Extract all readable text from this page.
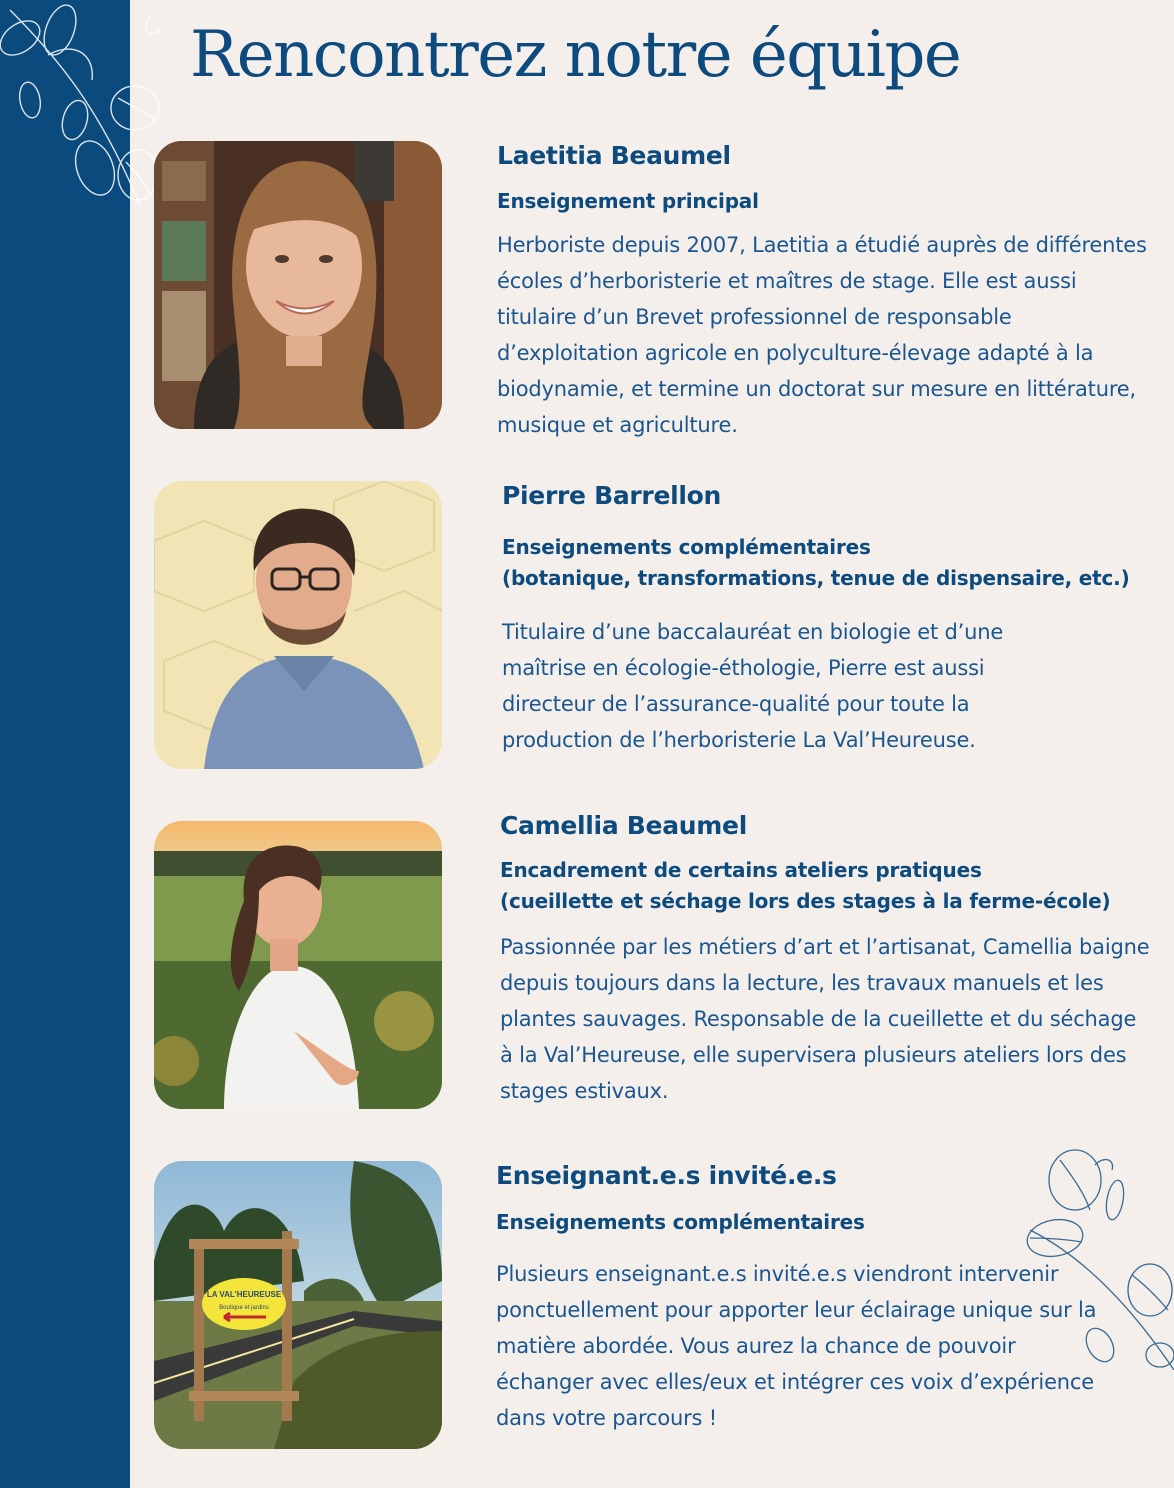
Rencontrez notre équipe

Laetitia Beaumel

Enseignement principal

Herboriste depuis 2007, Laetitia a étudié auprès de différentes écoles d’herboristerie et maîtres de stage. Elle est aussi titulaire d’un Brevet professionnel de responsable d’exploitation agricole en polyculture-élevage adapté à la biodynamie, et termine un doctorat sur mesure en littérature, musique et agriculture.

Pierre Barrellon

Enseignements complémentaires

(botanique, transformations, tenue de dispensaire, etc.)

Titulaire d’une baccalauréat en biologie et d’une maîtrise en écologie-éthologie, Pierre est aussi directeur de l’assurance-qualité pour toute la production de l’herboristerie La Val’Heureuse.

Camellia Beaumel

Encadrement de certains ateliers pratiques

(cueillette et séchage lors des stages à la ferme-école)

Passionnée par les métiers d’art et l’artisanat, Camellia baigne depuis toujours dans la lecture, les travaux manuels et les plantes sauvages. Responsable de la cueillette et du séchage à la Val’Heureuse, elle supervisera plusieurs ateliers lors des stages estivaux.

LA VAL'HEUREUSE
Boutique et jardins

Enseignant.e.s invité.e.s

Enseignements complémentaires

Plusieurs enseignant.e.s invité.e.s viendront intervenir ponctuellement pour apporter leur éclairage unique sur la matière abordée. Vous aurez la chance de pouvoir échanger avec elles/eux et intégrer ces voix d’expérience dans votre parcours !
